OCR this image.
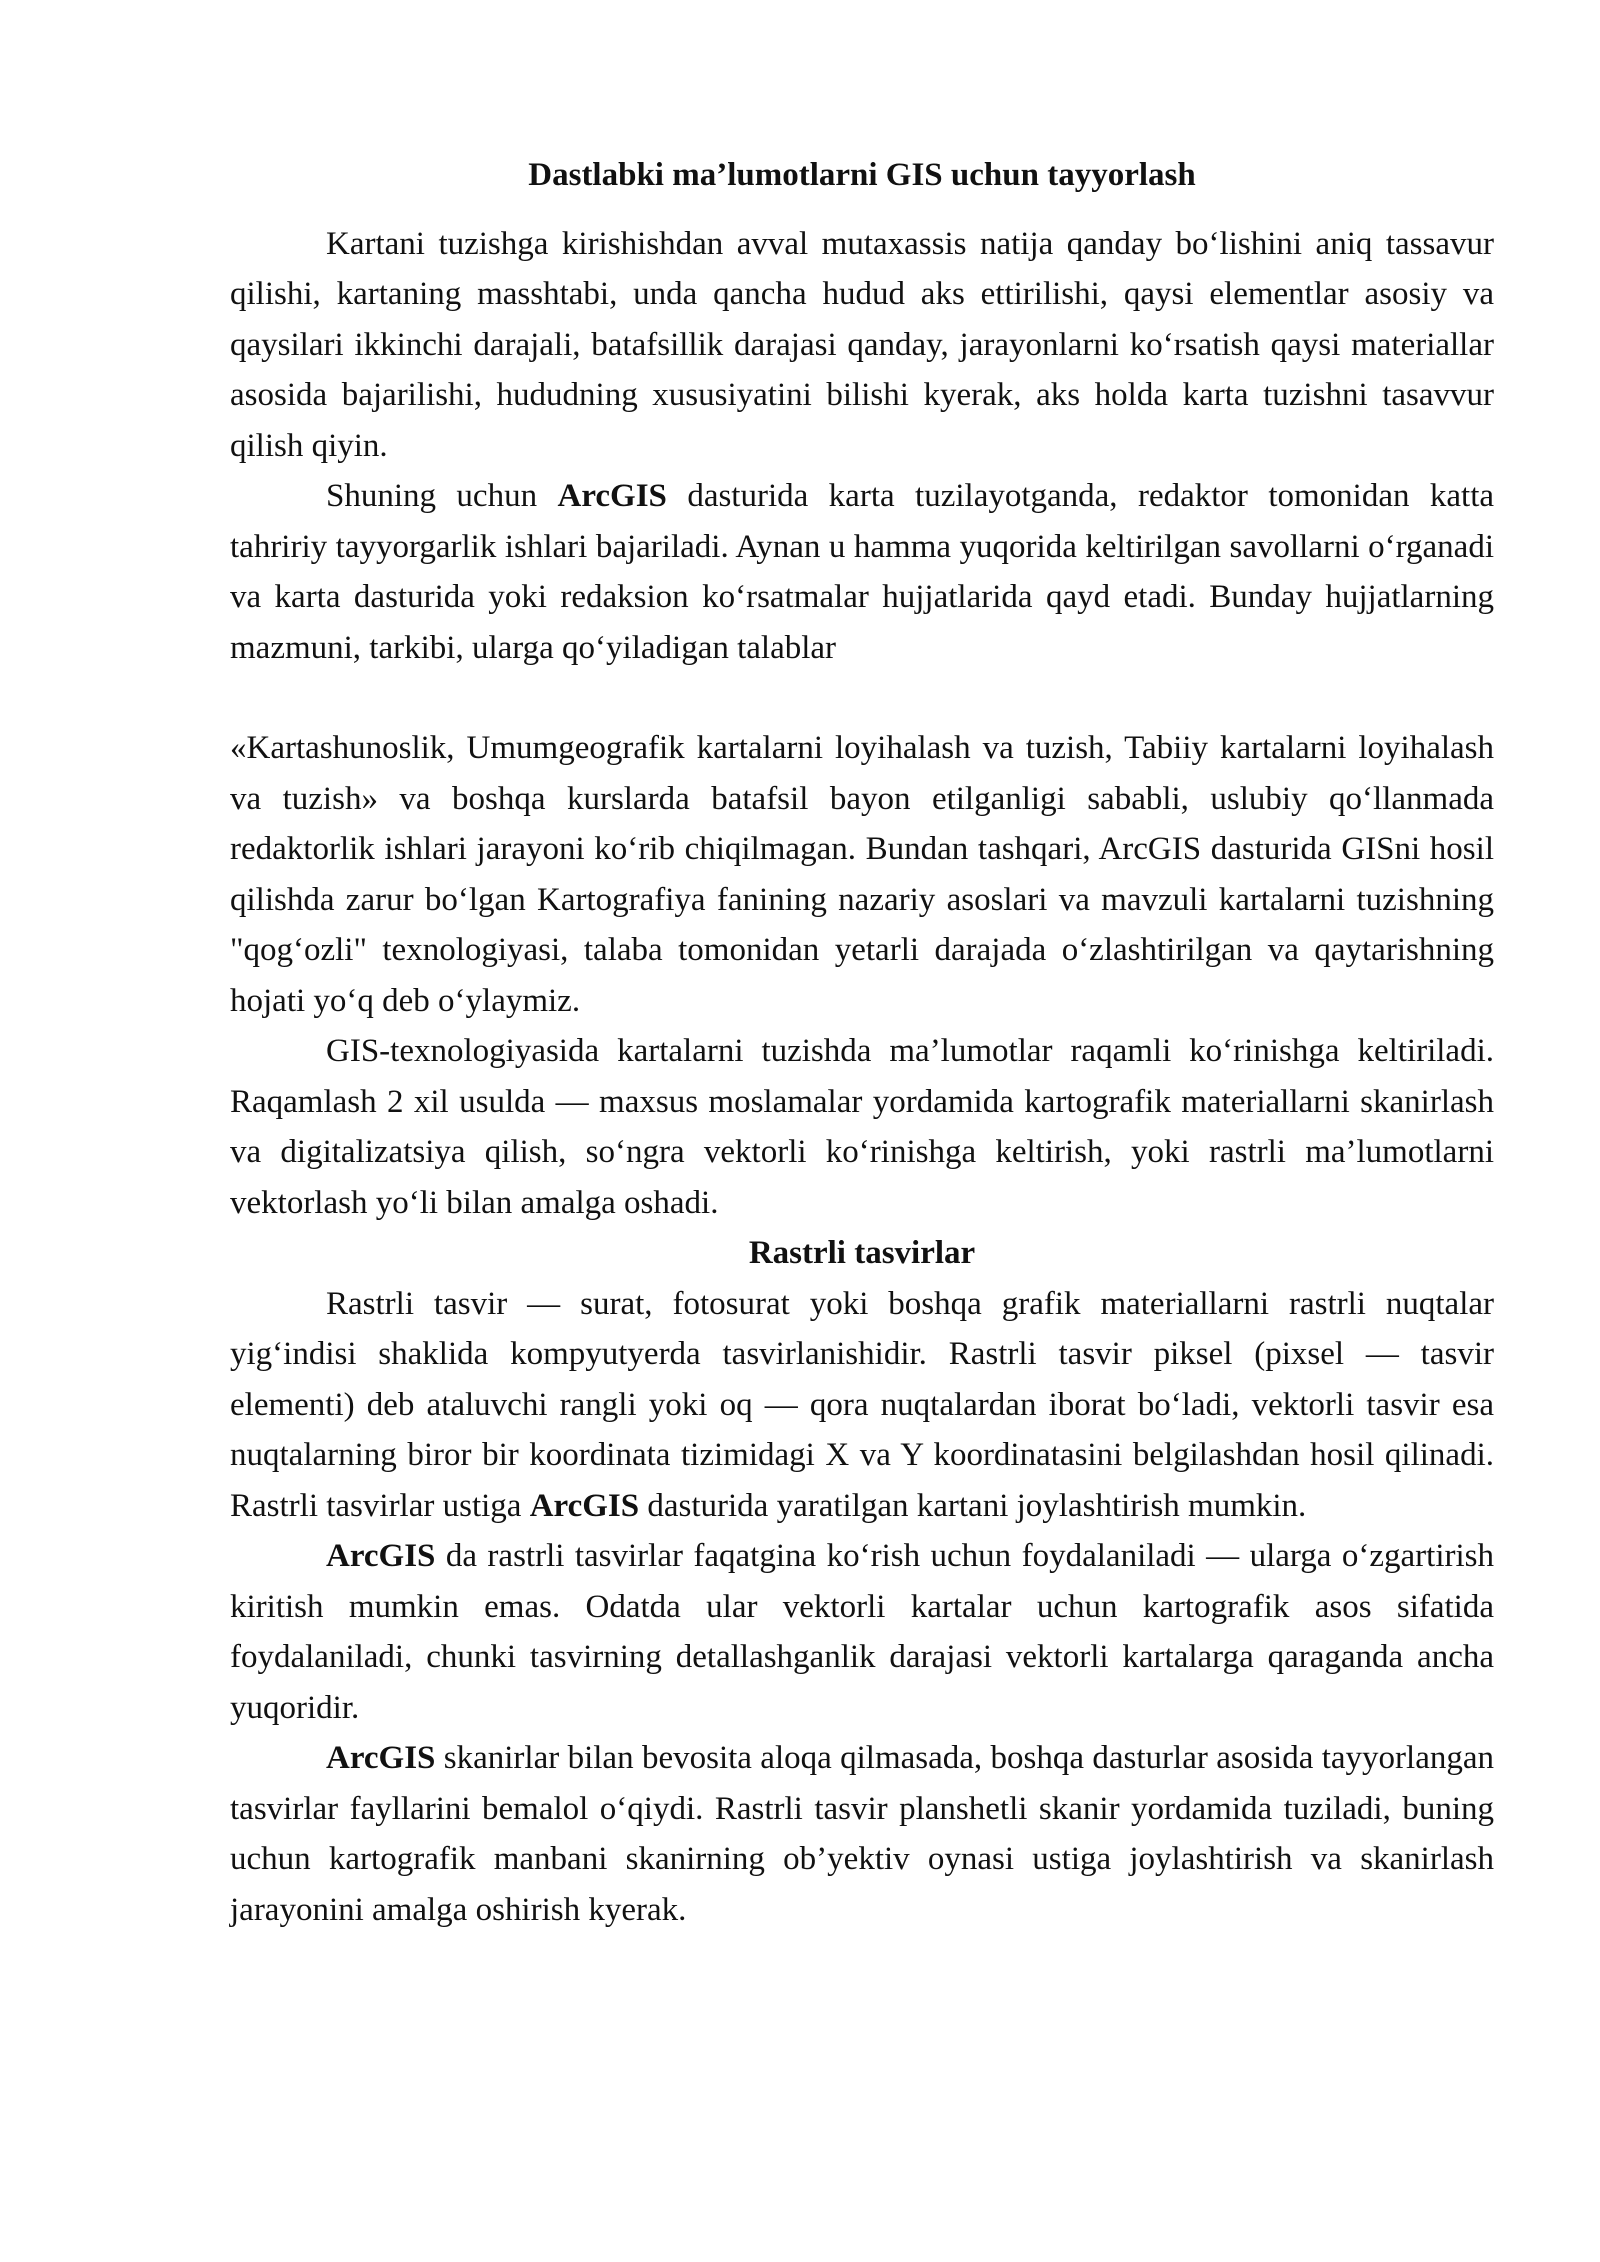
Dastlabki ma’lumotlarni GIS uchun tayyorlash

Kartani tuzishga kirishishdan avval mutaxassis natija qanday bo‘lishini aniq tassavur qilishi, kartaning masshtabi, unda qancha hudud aks ettirilishi, qaysi elementlar asosiy va qaysilari ikkinchi darajali, batafsillik darajasi qanday, jarayonlarni ko‘rsatish qaysi materiallar asosida bajarilishi, hududning xususiyatini bilishi kyerak, aks holda karta tuzishni tasavvur qilish qiyin.

Shuning uchun ArcGIS dasturida karta tuzilayotganda, redaktor tomonidan katta tahririy tayyorgarlik ishlari bajariladi. Aynan u hamma yuqorida keltirilgan savollarni o‘rganadi va karta dasturida yoki redaksion ko‘rsatmalar hujjatlarida qayd etadi. Bunday hujjatlarning mazmuni, tarkibi, ularga qo‘yiladigan talablar

«Kartashunoslik, Umumgeografik kartalarni loyihalash va tuzish, Tabiiy kartalarni loyihalash va tuzish» va boshqa kurslarda batafsil bayon etilganligi sababli, uslubiy qo‘llanmada redaktorlik ishlari jarayoni ko‘rib chiqilmagan. Bundan tashqari, ArcGIS dasturida GISni hosil qilishda zarur bo‘lgan Kartografiya fanining nazariy asoslari va mavzuli kartalarni tuzishning "qog‘ozli" texnologiyasi, talaba tomonidan yetarli darajada o‘zlashtirilgan va qaytarishning hojati yo‘q deb o‘ylaymiz.

GIS-texnologiyasida kartalarni tuzishda ma’lumotlar raqamli ko‘rinishga keltiriladi. Raqamlash 2 xil usulda — maxsus moslamalar yordamida kartografik materiallarni skanirlash va digitalizatsiya qilish, so‘ngra vektorli ko‘rinishga keltirish, yoki rastrli ma’lumotlarni vektorlash yo‘li bilan amalga oshadi.

Rastrli tasvirlar

Rastrli tasvir — surat, fotosurat yoki boshqa grafik materiallarni rastrli nuqtalar yig‘indisi shaklida kompyutyerda tasvirlanishidir. Rastrli tasvir piksel (pixsel — tasvir elementi) deb ataluvchi rangli yoki oq — qora nuqtalardan iborat bo‘ladi, vektorli tasvir esa nuqtalarning biror bir koordinata tizimidagi X va Y koordinatasini belgilashdan hosil qilinadi. Rastrli tasvirlar ustiga ArcGIS dasturida yaratilgan kartani joylashtirish mumkin.

ArcGIS da rastrli tasvirlar faqatgina ko‘rish uchun foydalaniladi — ularga o‘zgartirish kiritish mumkin emas. Odatda ular vektorli kartalar uchun kartografik asos sifatida foydalaniladi, chunki tasvirning detallashganlik darajasi vektorli kartalarga qaraganda ancha yuqoridir.

ArcGIS skanirlar bilan bevosita aloqa qilmasada, boshqa dasturlar asosida tayyorlangan tasvirlar fayllarini bemalol o‘qiydi. Rastrli tasvir planshetli skanir yordamida tuziladi, buning uchun kartografik manbani skanirning ob’yektiv oynasi ustiga joylashtirish va skanirlash jarayonini amalga oshirish kyerak.
